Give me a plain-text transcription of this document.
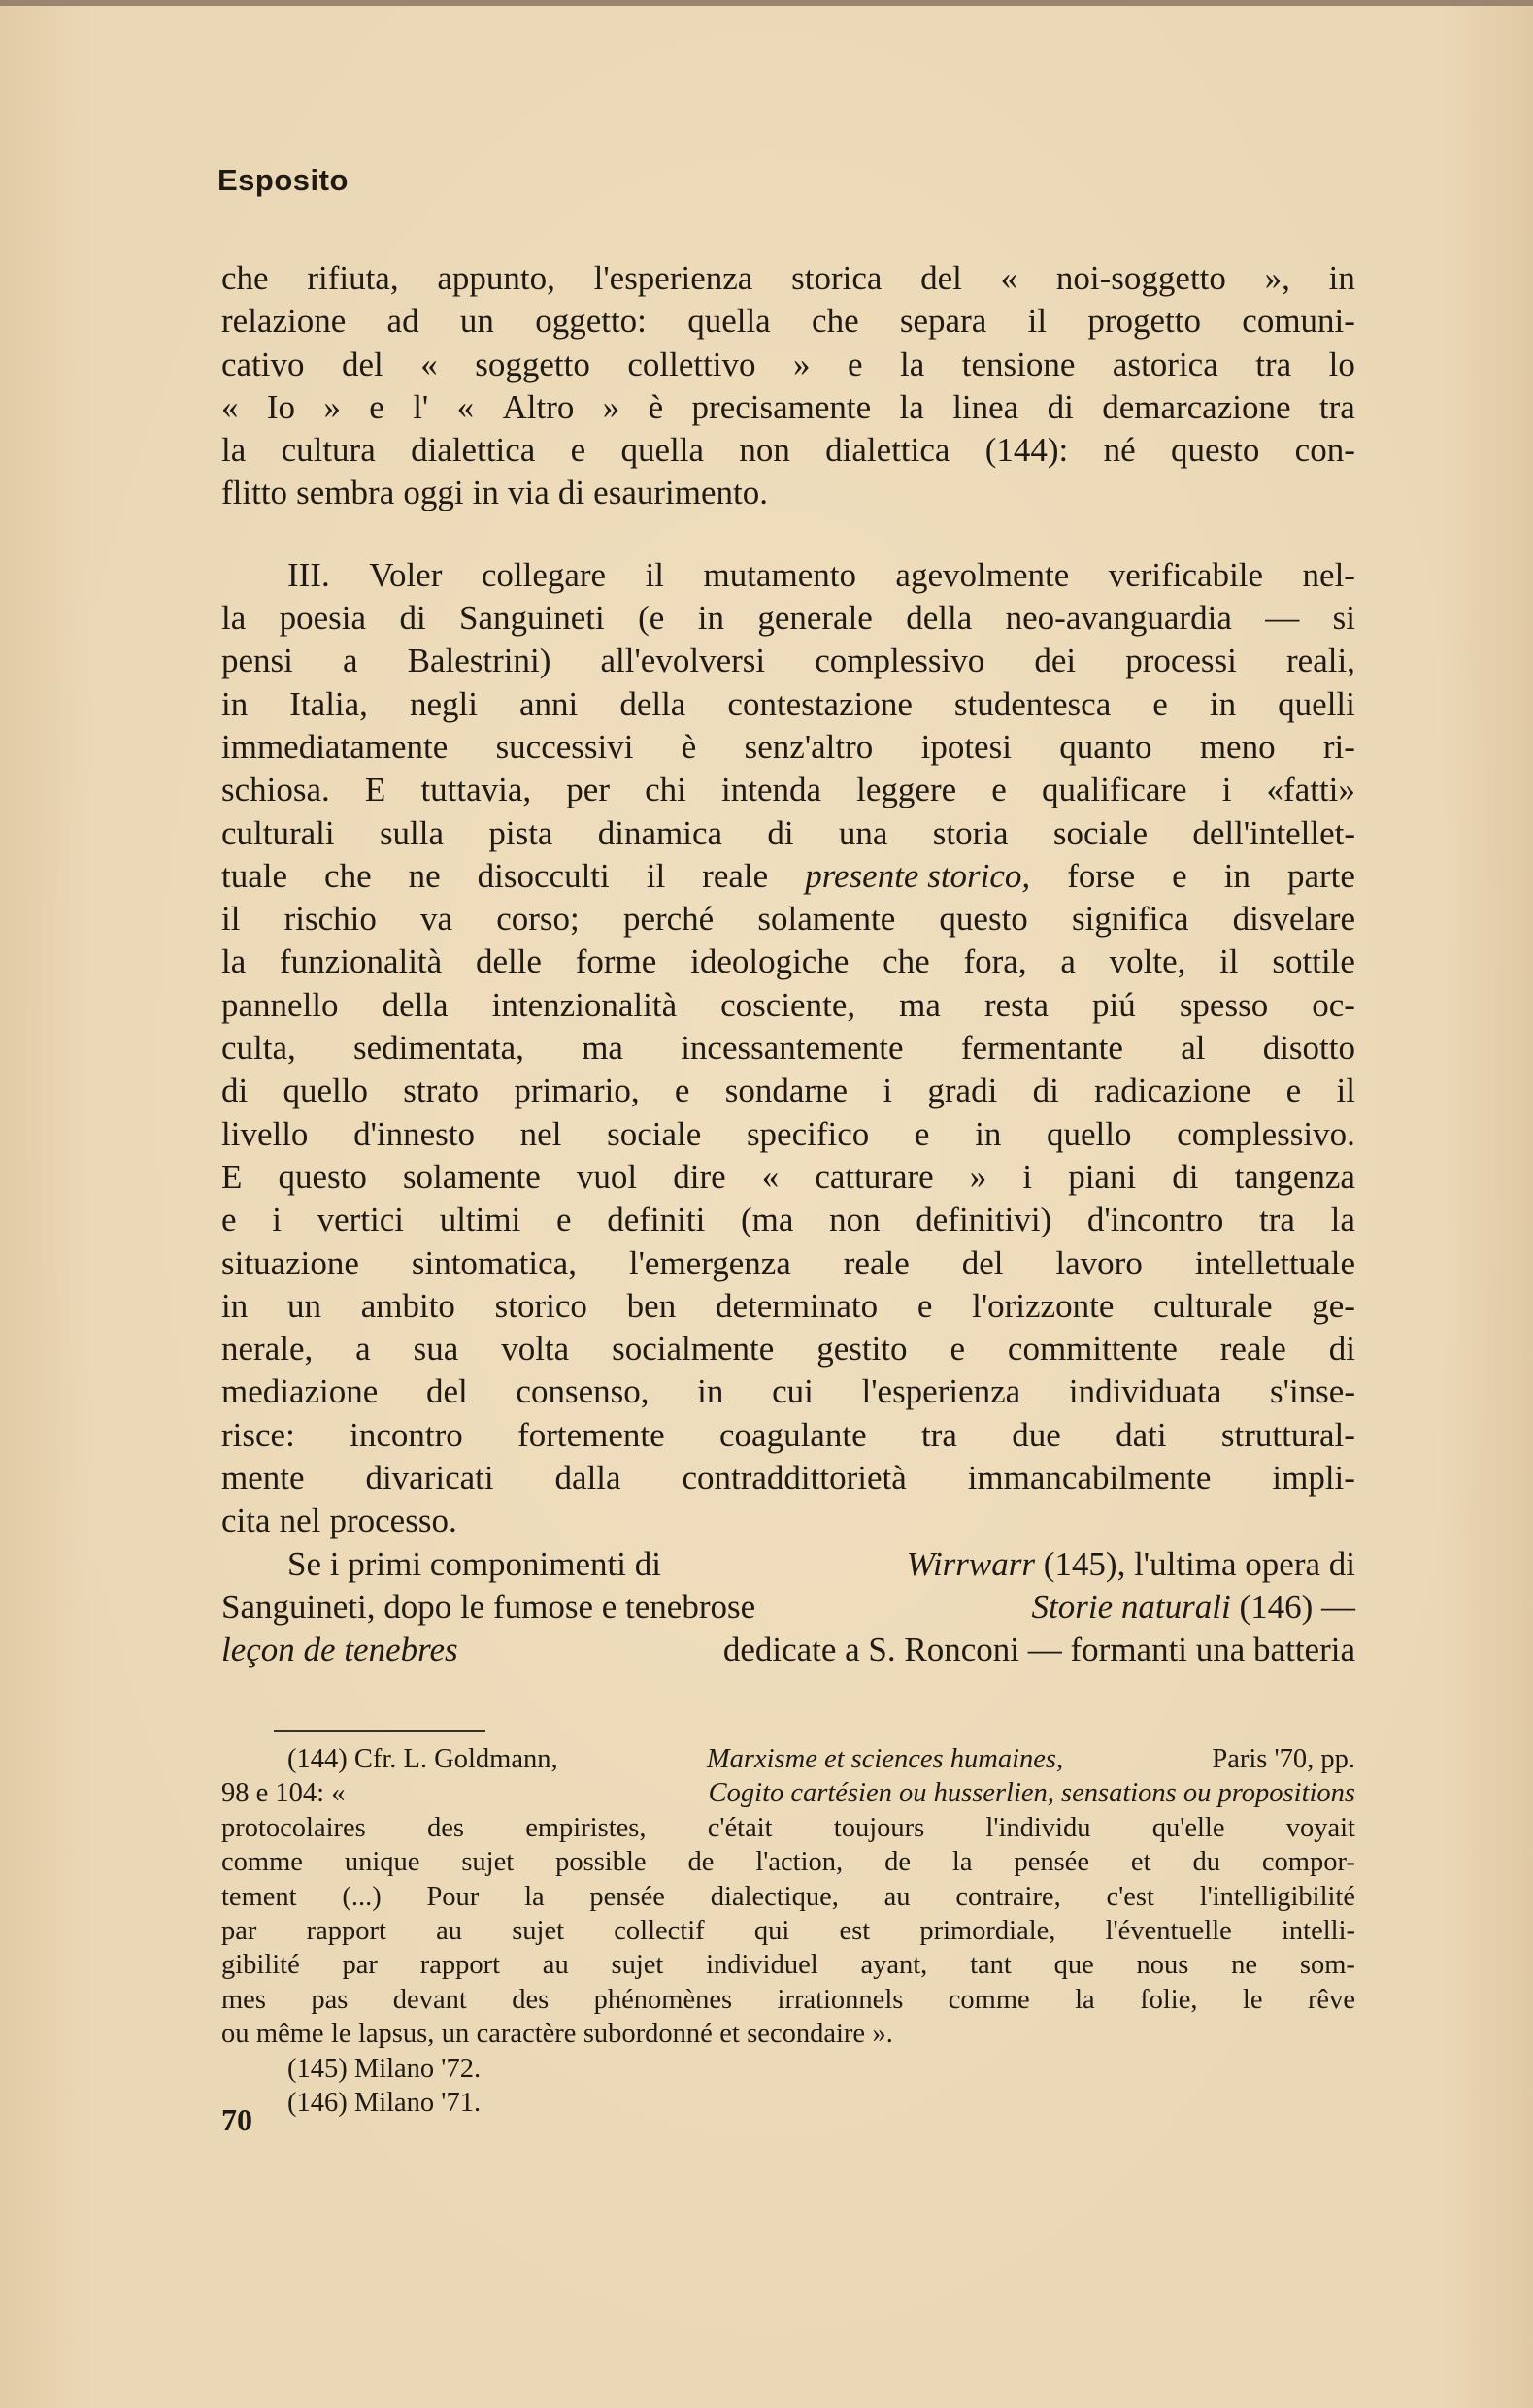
Esposito
che rifiuta, appunto, l'esperienza storica del « noi-soggetto », in
relazione ad un oggetto: quella che separa il progetto comuni-
cativo del « soggetto collettivo » e la tensione astorica tra lo
« Io » e l' « Altro » è precisamente la linea di demarcazione tra
la cultura dialettica e quella non dialettica (144): né questo con-
flitto sembra oggi in via di esaurimento.
III. Voler collegare il mutamento agevolmente verificabile nel-
la poesia di Sanguineti (e in generale della neo-avanguardia — si
pensi a Balestrini) all'evolversi complessivo dei processi reali,
in Italia, negli anni della contestazione studentesca e in quelli
immediatamente successivi è senz'altro ipotesi quanto meno ri-
schiosa. E tuttavia, per chi intenda leggere e qualificare i «fatti»
culturali sulla pista dinamica di una storia sociale dell'intellet-
tuale che ne disocculti il reale presente storico, forse e in parte
il rischio va corso; perché solamente questo significa disvelare
la funzionalità delle forme ideologiche che fora, a volte, il sottile
pannello della intenzionalità cosciente, ma resta piú spesso oc-
culta, sedimentata, ma incessantemente fermentante al disotto
di quello strato primario, e sondarne i gradi di radicazione e il
livello d'innesto nel sociale specifico e in quello complessivo.
E questo solamente vuol dire « catturare » i piani di tangenza
e i vertici ultimi e definiti (ma non definitivi) d'incontro tra la
situazione sintomatica, l'emergenza reale del lavoro intellettuale
in un ambito storico ben determinato e l'orizzonte culturale ge-
nerale, a sua volta socialmente gestito e committente reale di
mediazione del consenso, in cui l'esperienza individuata s'inse-
risce: incontro fortemente coagulante tra due dati struttural-
mente divaricati dalla contraddittorietà immancabilmente impli-
cita nel processo.
Se i primi componimenti di	Wirrwarr (145), l'ultima opera di
Sanguineti, dopo le fumose e tenebrose	Storie naturali (146) —
leçon de tenebres	dedicate a S. Ronconi — formanti una batteria
(144) Cfr. L. Goldmann,	Marxisme et sciences humaines,	Paris '70, pp.
98 e 104: «	Cogito cartésien ou husserlien, sensations ou propositions
protocolaires des empiristes, c'était toujours l'individu qu'elle voyait
comme unique sujet possible de l'action, de la pensée et du compor-
tement (...) Pour la pensée dialectique, au contraire, c'est l'intelligibilité
par rapport au sujet collectif qui est primordiale, l'éventuelle intelli-
gibilité par rapport au sujet individuel ayant, tant que nous ne som-
mes pas devant des phénomènes irrationnels comme la folie, le rêve
ou même le lapsus, un caractère subordonné et secondaire ».
(145) Milano '72.
(146) Milano '71.
70
